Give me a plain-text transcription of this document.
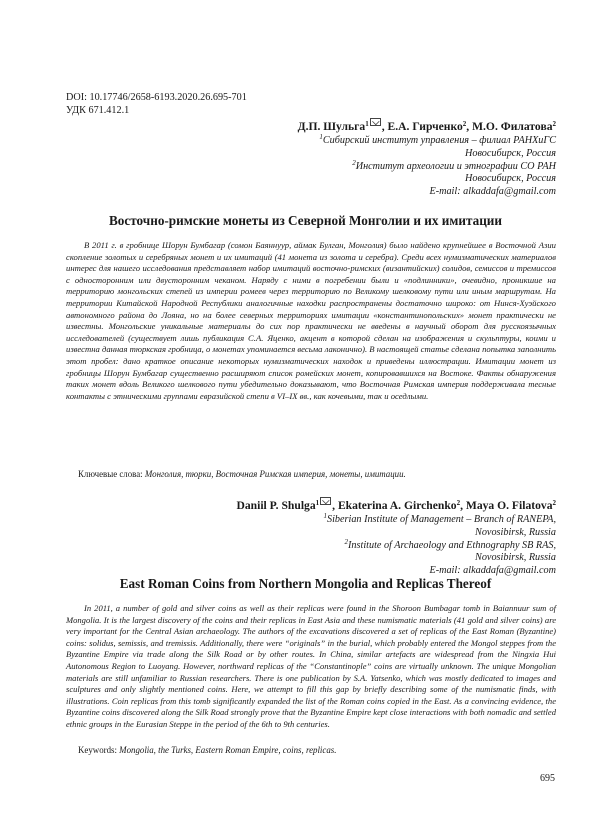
DOI: 10.17746/2658-6193.2020.26.695-701
УДК 671.412.1
Д.П. Шульга$^1$ , Е.А. Гирченко$^2$, М.О. Филатова$^2$
$^1$Сибирский институт управления – филиал РАНХиГС
Новосибирск, Россия
$^2$Институт археологии и этнографии СО РАН
Новосибирск, Россия
E-mail: alkaddafa@gmail.com
Восточно-римские монеты из Северной Монголии и их имитации
В 2011 г. в гробнице Шорун Бумбагар (сомон Баяннуур, аймак Булган, Монголия) было найдено крупнейшее в Восточной Азии скопление золотых и серебряных монет и их имитаций (41 монета из золота и серебра). Среди всех нумизматических материалов интерес для нашего исследования представляет набор имитаций восточно-римских (византийских) солидов, семиссов и тремиссов с односторонним или двусторонним чеканом. Наряду с ними в погребении были и «подлинники», очевидно, проникшие на территорию монгольских степей из империи ромеев через территорию по Великому шелковому пути или иным маршрутам. На территории Китайской Народной Республики аналогичные находки распространены достаточно широко: от Нинся-Хуэйского автономного района до Лояна, но на более северных территориях имитации «константинопольских» монет практически не известны. Монгольские уникальные материалы до сих пор практически не введены в научный оборот для русскоязычных исследователей (существует лишь публикация С.А. Яценко, акцент в которой сделан на изображения и скульптуры, коими и известна данная тюркская гробница, о монетах упоминается весьма лаконично). В настоящей статье сделана попытка заполнить этот пробел: дано краткое описание некоторых нумизматических находок и приведены иллюстрации. Имитации монет из гробницы Шорун Бумбагар существенно расширяют список ромейских монет, копировавшихся на Востоке. Факты обнаружения таких монет вдоль Великого шелкового пути убедительно доказывают, что Восточная Римская империя поддерживала тесные контакты с этническими группами евразийской степи в VI–IX вв., как кочевыми, так и оседлыми.
Ключевые слова: Монголия, тюрки, Восточная Римская империя, монеты, имитации.
Daniil P. Shulga$^1$ , Ekaterina A. Girchenko$^2$, Maya O. Filatova$^2$
$^1$Siberian Institute of Management – Branch of RANEPA,
Novosibirsk, Russia
$^2$Institute of Archaeology and Ethnography SB RAS,
Novosibirsk, Russia
E-mail: alkaddafa@gmail.com
East Roman Coins from Northern Mongolia and Replicas Thereof
In 2011, a number of gold and silver coins as well as their replicas were found in the Shoroon Bumbagar tomb in Baiannuur sum of Mongolia. It is the largest discovery of the coins and their replicas in East Asia and these numismatic materials (41 gold and silver coins) are very important for the Central Asian archaeology. The authors of the excavations discovered a set of replicas of the East Roman (Byzantine) coins: solidus, semissis, and tremissis. Additionally, there were “originals” in the burial, which probably entered the Mongol steppes from the Byzantine Empire via trade along the Silk Road or by other routes. In China, similar artefacts are widespread from the Ningxia Hui Autonomous Region to Luoyang. However, northward replicas of the “Constantinople” coins are virtually unknown. The unique Mongolian materials are still unfamiliar to Russian researchers. There is one publication by S.A. Yatsenko, which was mostly dedicated to images and sculptures and only slightly mentioned coins. Here, we attempt to fill this gap by briefly describing some of the numismatic finds, with illustrations. Coin replicas from this tomb significantly expanded the list of the Roman coins copied in the East. As a convincing evidence, the Byzantine coins discovered along the Silk Road strongly prove that the Byzantine Empire kept close interactions with both nomadic and settled ethnic groups in the Eurasian Steppe in the period of the 6th to 9th centuries.
Keywords: Mongolia, the Turks, Eastern Roman Empire, coins, replicas.
695
